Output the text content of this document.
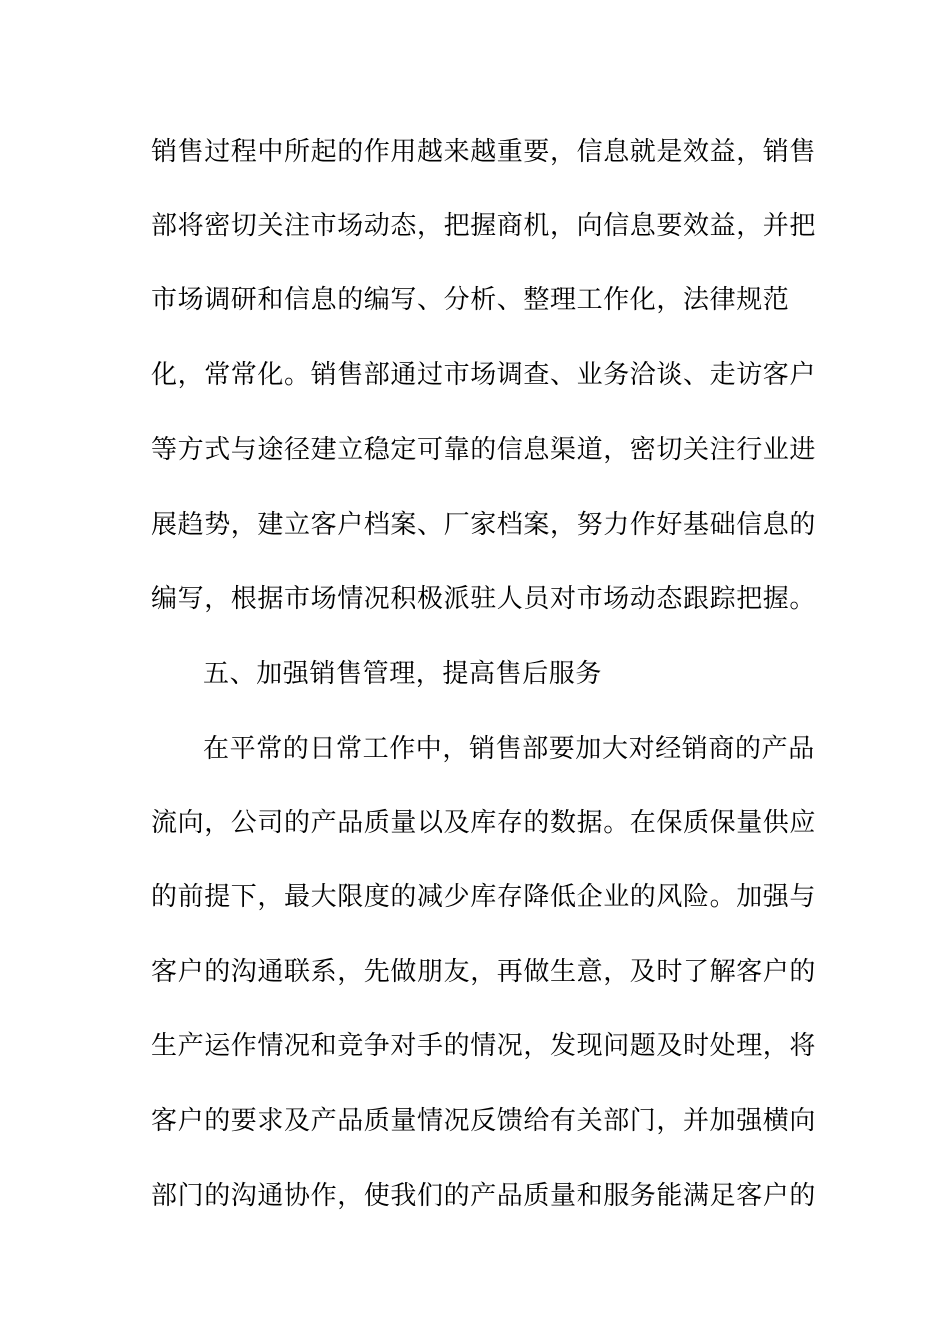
销售过程中所起的作用越来越重要，信息就是效益，销售
部将密切关注市场动态，把握商机，向信息要效益，并把
市场调研和信息的编写、分析、整理工作化，法律规范
化，常常化。销售部通过市场调查、业务洽谈、走访客户
等方式与途径建立稳定可靠的信息渠道，密切关注行业进
展趋势，建立客户档案、厂家档案，努力作好基础信息的
编写，根据市场情况积极派驻人员对市场动态跟踪把握。
五、加强销售管理，提高售后服务
在平常的日常工作中，销售部要加大对经销商的产品
流向，公司的产品质量以及库存的数据。在保质保量供应
的前提下，最大限度的减少库存降低企业的风险。加强与
客户的沟通联系，先做朋友，再做生意，及时了解客户的
生产运作情况和竞争对手的情况，发现问题及时处理，将
客户的要求及产品质量情况反馈给有关部门，并加强横向
部门的沟通协作，使我们的产品质量和服务能满足客户的
